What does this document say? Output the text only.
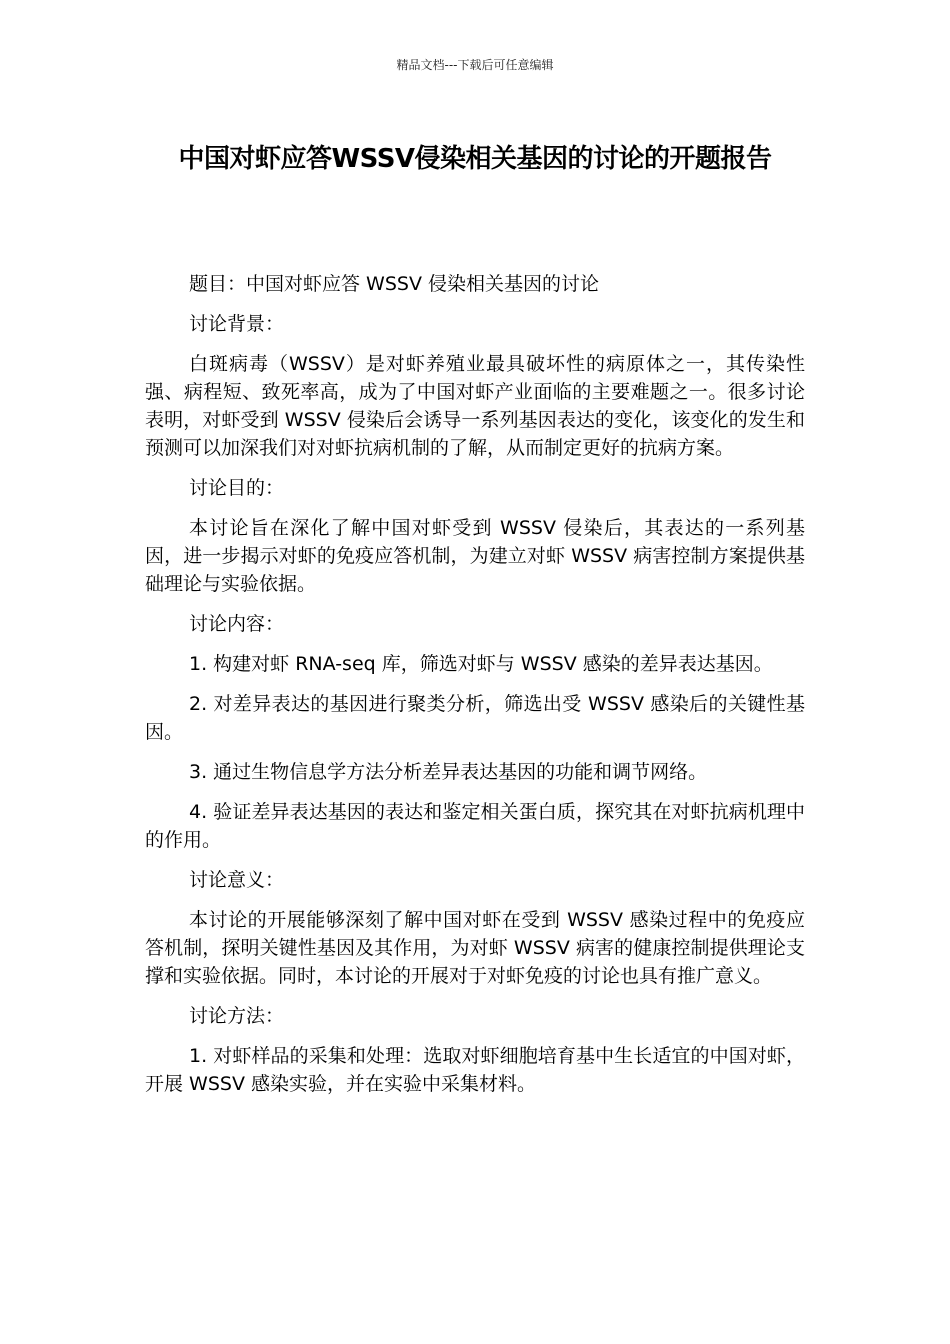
精品文档---下载后可任意编辑
中国对虾应答WSSV侵染相关基因的讨论的开题报告

题目：中国对虾应答 WSSV 侵染相关基因的讨论

讨论背景：

白斑病毒（WSSV）是对虾养殖业最具破坏性的病原体之一，其传染性强、病程短、致死率高，成为了中国对虾产业面临的主要难题之一。很多讨论表明，对虾受到 WSSV 侵染后会诱导一系列基因表达的变化，该变化的发生和预测可以加深我们对对虾抗病机制的了解，从而制定更好的抗病方案。

讨论目的：

本讨论旨在深化了解中国对虾受到 WSSV 侵染后，其表达的一系列基因，进一步揭示对虾的免疫应答机制，为建立对虾 WSSV 病害控制方案提供基础理论与实验依据。

讨论内容：

1. 构建对虾 RNA-seq 库，筛选对虾与 WSSV 感染的差异表达基因。

2. 对差异表达的基因进行聚类分析，筛选出受 WSSV 感染后的关键性基因。

3. 通过生物信息学方法分析差异表达基因的功能和调节网络。

4. 验证差异表达基因的表达和鉴定相关蛋白质，探究其在对虾抗病机理中的作用。

讨论意义：

本讨论的开展能够深刻了解中国对虾在受到 WSSV 感染过程中的免疫应答机制，探明关键性基因及其作用，为对虾 WSSV 病害的健康控制提供理论支撑和实验依据。同时，本讨论的开展对于对虾免疫的讨论也具有推广意义。

讨论方法：

1. 对虾样品的采集和处理：选取对虾细胞培育基中生长适宜的中国对虾，开展 WSSV 感染实验，并在实验中采集材料。
